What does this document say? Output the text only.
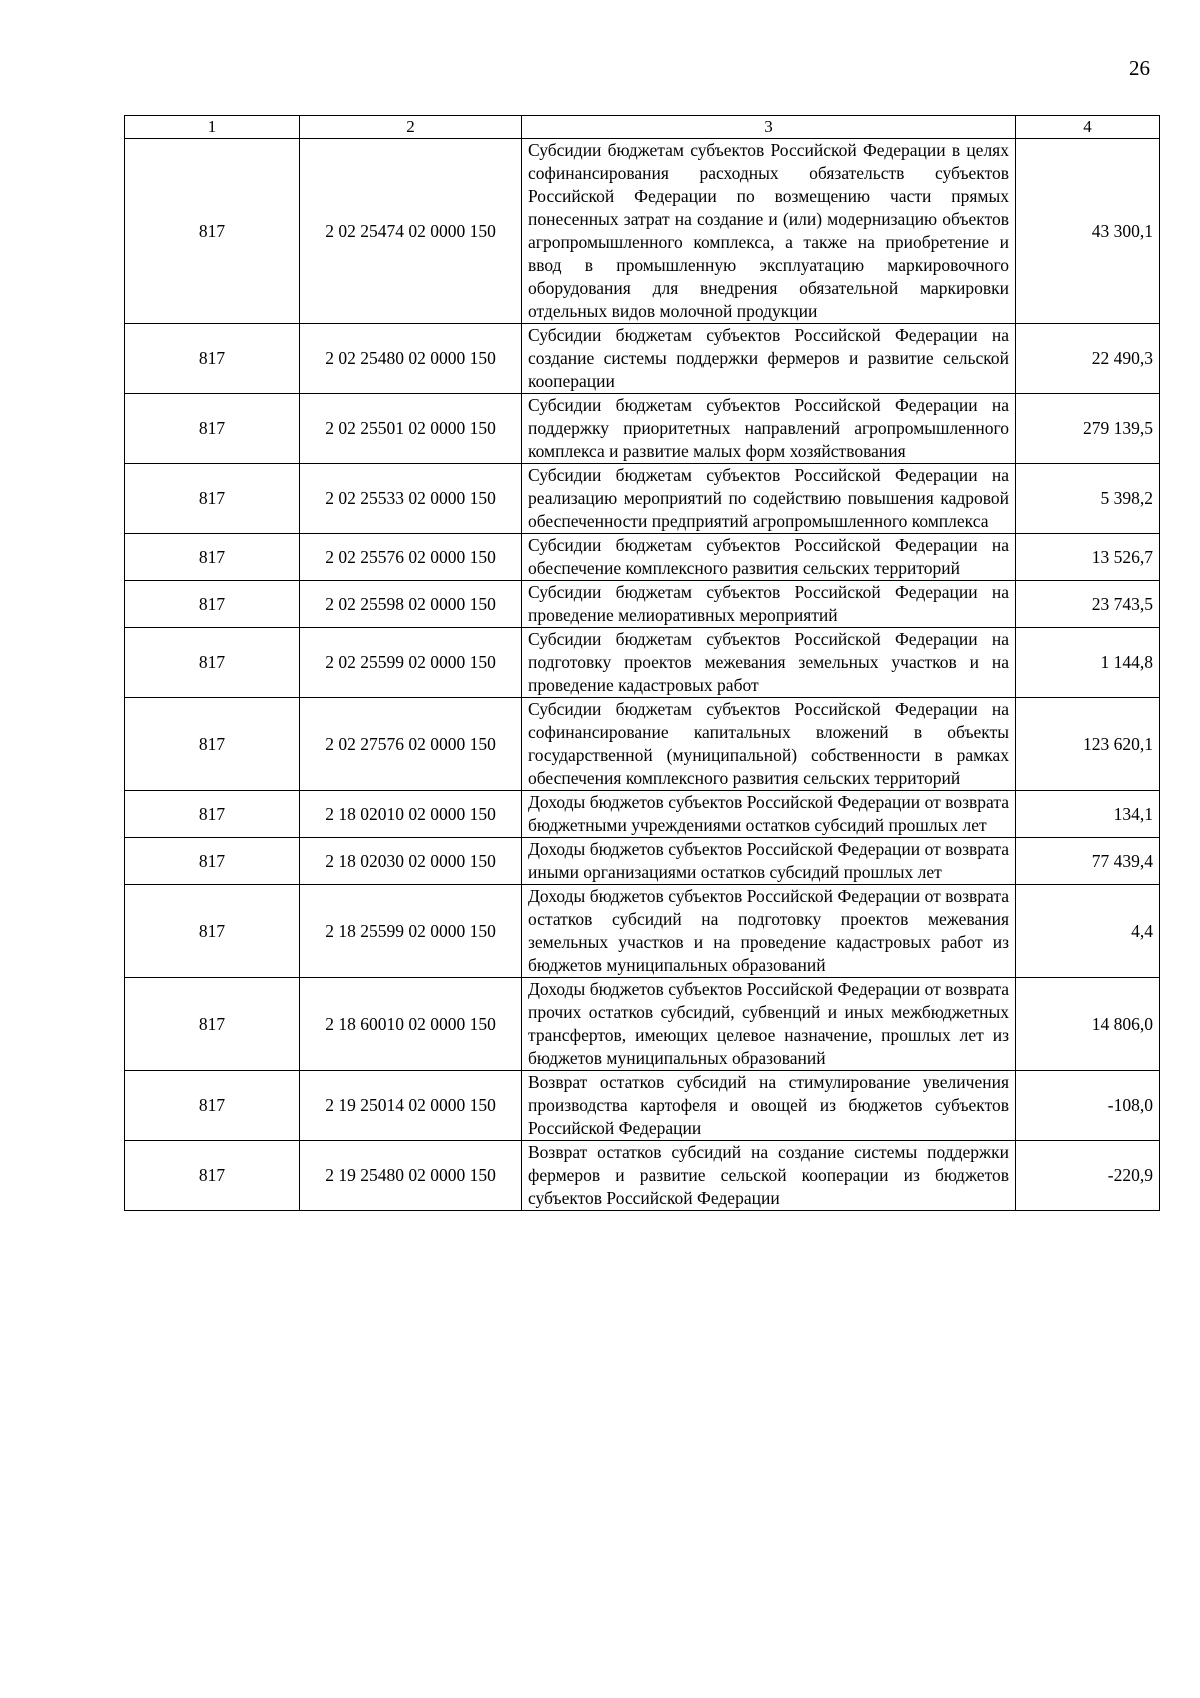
26
1	2	3	4
817	2 02 25474 02 0000 150	Субсидии бюджетам субъектов Российской Федерации в целях софинансирования расходных обязательств субъектов Российской Федерации по возмещению части прямых понесенных затрат на создание и (или) модернизацию объектов агропромышленного комплекса, а также на приобретение и ввод в промышленную эксплуатацию маркировочного оборудования для внедрения обязательной маркировки отдельных видов молочной продукции	43 300,1
817	2 02 25480 02 0000 150	Субсидии бюджетам субъектов Российской Федерации на создание системы поддержки фермеров и развитие сельской кооперации	22 490,3
817	2 02 25501 02 0000 150	Субсидии бюджетам субъектов Российской Федерации на поддержку приоритетных направлений агропромышленного комплекса и развитие малых форм хозяйствования	279 139,5
817	2 02 25533 02 0000 150	Субсидии бюджетам субъектов Российской Федерации на реализацию мероприятий по содействию повышения кадровой обеспеченности предприятий агропромышленного комплекса	5 398,2
817	2 02 25576 02 0000 150	Субсидии бюджетам субъектов Российской Федерации на обеспечение комплексного развития сельских территорий	13 526,7
817	2 02 25598 02 0000 150	Субсидии бюджетам субъектов Российской Федерации на проведение мелиоративных мероприятий	23 743,5
817	2 02 25599 02 0000 150	Субсидии бюджетам субъектов Российской Федерации на подготовку проектов межевания земельных участков и на проведение кадастровых работ	1 144,8
817	2 02 27576 02 0000 150	Субсидии бюджетам субъектов Российской Федерации на софинансирование капитальных вложений в объекты государственной (муниципальной) собственности в рамках обеспечения комплексного развития сельских территорий	123 620,1
817	2 18 02010 02 0000 150	Доходы бюджетов субъектов Российской Федерации от возврата бюджетными учреждениями остатков субсидий прошлых лет	134,1
817	2 18 02030 02 0000 150	Доходы бюджетов субъектов Российской Федерации от возврата иными организациями остатков субсидий прошлых лет	77 439,4
817	2 18 25599 02 0000 150	Доходы бюджетов субъектов Российской Федерации от возврата остатков субсидий на подготовку проектов межевания земельных участков и на проведение кадастровых работ из бюджетов муниципальных образований	4,4
817	2 18 60010 02 0000 150	Доходы бюджетов субъектов Российской Федерации от возврата прочих остатков субсидий, субвенций и иных межбюджетных трансфертов, имеющих целевое назначение, прошлых лет из бюджетов муниципальных образований	14 806,0
817	2 19 25014 02 0000 150	Возврат остатков субсидий на стимулирование увеличения производства картофеля и овощей из бюджетов субъектов Российской Федерации	-108,0
817	2 19 25480 02 0000 150	Возврат остатков субсидий на создание системы поддержки фермеров и развитие сельской кооперации из бюджетов субъектов Российской Федерации	-220,9
